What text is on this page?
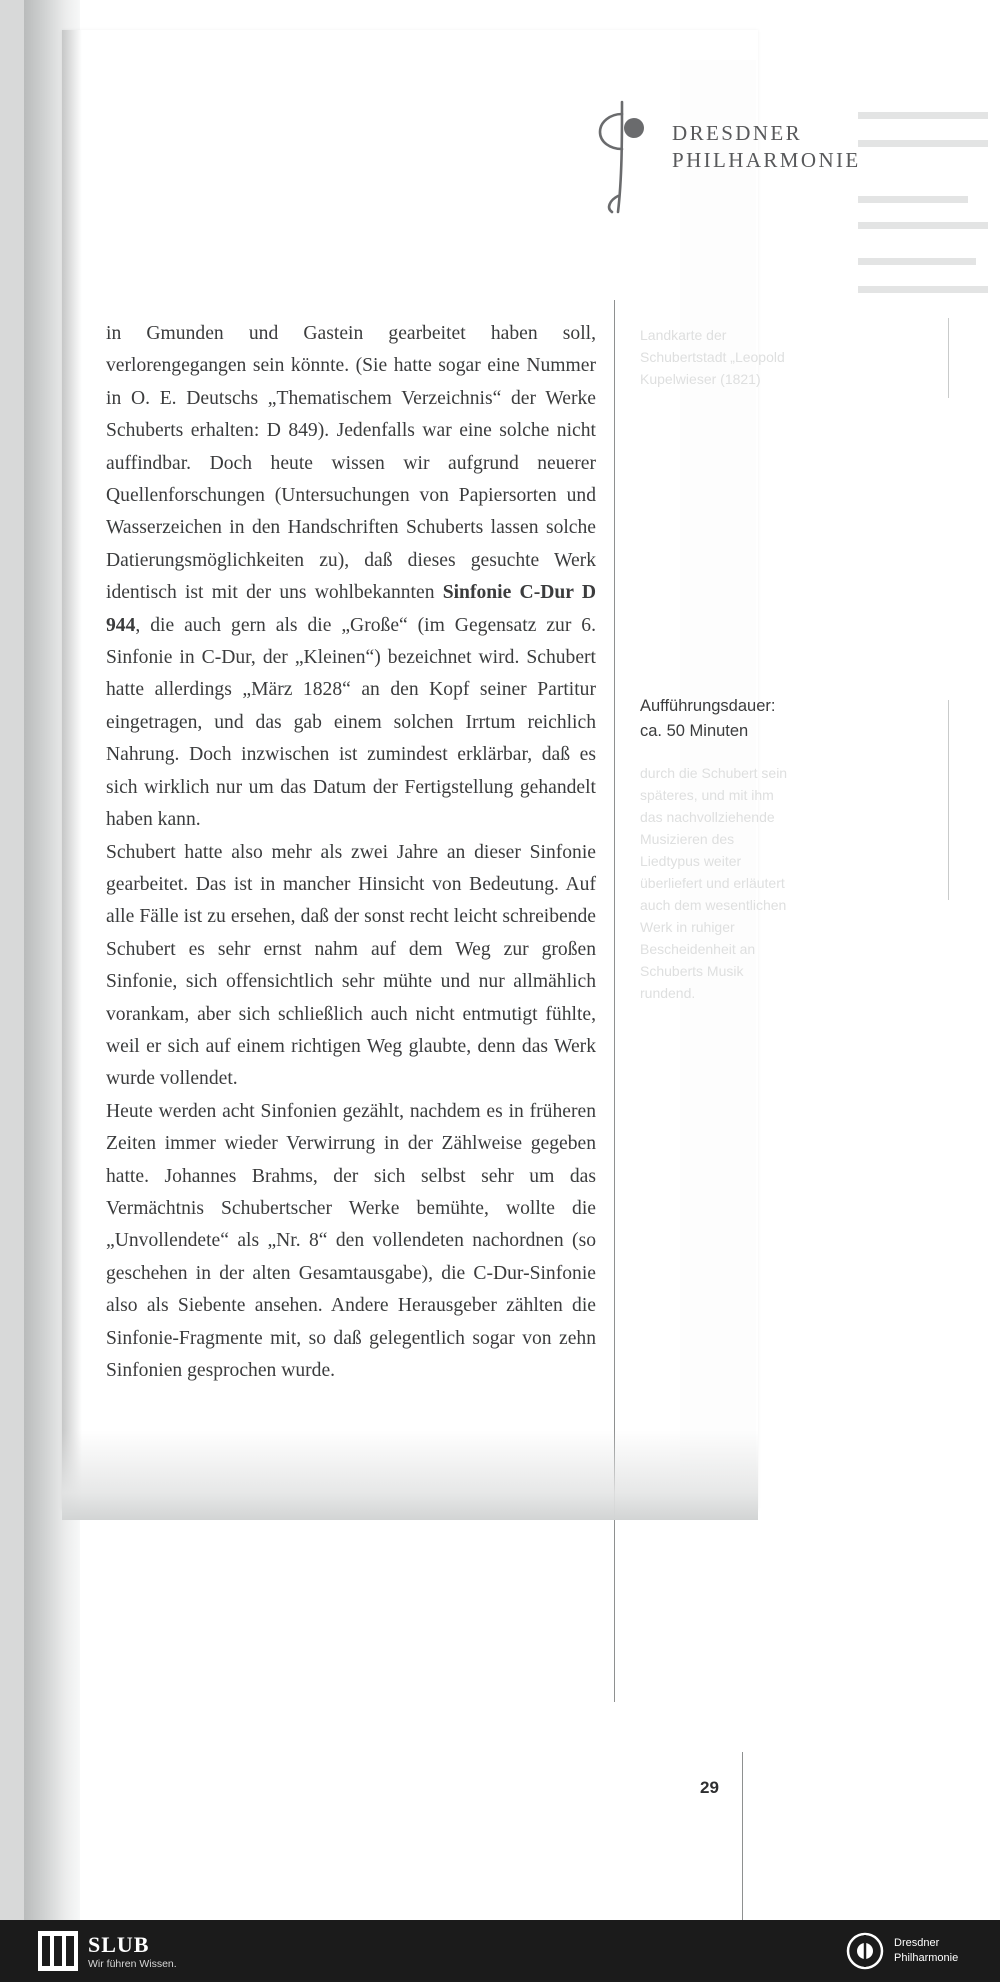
DRESDNER
PHILHARMONIE
Landkarte der Schubertstadt „Leopold Kupelwieser (1821)
durch die Schubert sein späteres, und mit ihm das nachvollziehende Musizieren des Liedtypus weiter überliefert und erläutert auch dem wesentlichen Werk in ruhiger Bescheidenheit an Schuberts Musik rundend.

in Gmunden und Gastein gearbeitet haben soll, verlorengegangen sein könnte. (Sie hatte sogar eine Nummer in O. E. Deutschs „Thematischem Verzeichnis“ der Werke Schuberts erhalten: D 849). Jedenfalls war eine solche nicht auffindbar. Doch heute wissen wir aufgrund neuerer Quellenforschungen (Untersuchungen von Papiersorten und Wasserzeichen in den Handschriften Schuberts lassen solche Datierungsmöglichkeiten zu), daß dieses gesuchte Werk identisch ist mit der uns wohlbekannten Sinfonie C-Dur D 944, die auch gern als die „Große“ (im Gegensatz zur 6. Sinfonie in C-Dur, der „Kleinen“) bezeichnet wird. Schubert hatte allerdings „März 1828“ an den Kopf seiner Partitur eingetragen, und das gab einem solchen Irrtum reichlich Nahrung. Doch inzwischen ist zumindest erklärbar, daß es sich wirklich nur um das Datum der Fertigstellung gehandelt haben kann.

Schubert hatte also mehr als zwei Jahre an dieser Sinfonie gearbeitet. Das ist in mancher Hinsicht von Bedeutung. Auf alle Fälle ist zu ersehen, daß der sonst recht leicht schreibende Schubert es sehr ernst nahm auf dem Weg zur großen Sinfonie, sich offensichtlich sehr mühte und nur allmählich vorankam, aber sich schließlich auch nicht entmutigt fühlte, weil er sich auf einem richtigen Weg glaubte, denn das Werk wurde vollendet.

Heute werden acht Sinfonien gezählt, nachdem es in früheren Zeiten immer wieder Verwirrung in der Zählweise gegeben hatte. Johannes Brahms, der sich selbst sehr um das Vermächtnis Schubertscher Werke bemühte, wollte die „Unvollendete“ als „Nr. 8“ den vollendeten nachordnen (so geschehen in der alten Gesamtausgabe), die C-Dur-Sinfonie also als Siebente ansehen. Andere Herausgeber zählten die Sinfonie-Fragmente mit, so daß gelegentlich sogar von zehn Sinfonien gesprochen wurde.

Aufführungsdauer:
ca. 50 Minuten
29
SLUB
Wir führen Wissen.
Dresdner
Philharmonie
